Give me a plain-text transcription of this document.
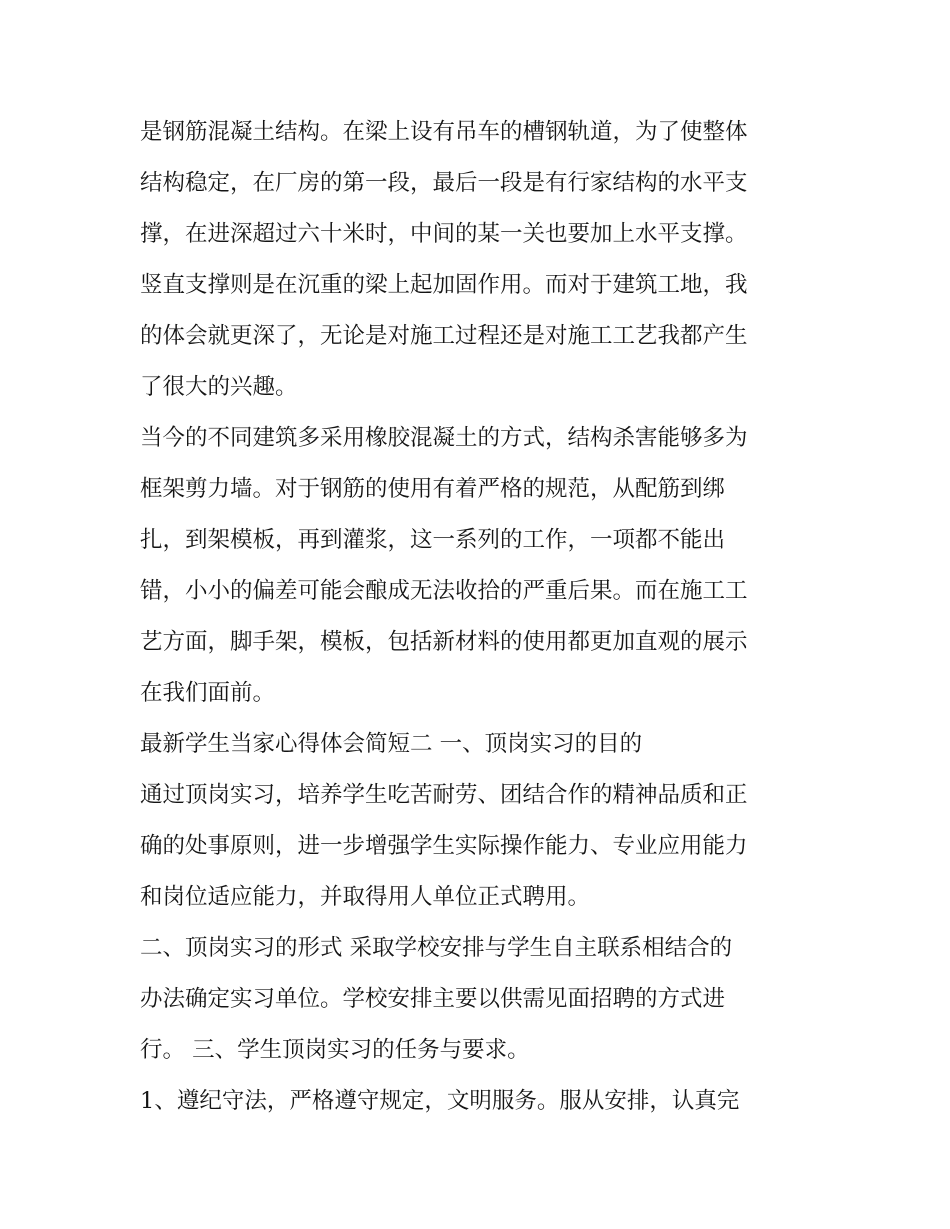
是钢筋混凝土结构。在梁上设有吊车的槽钢轨道，为了使整体
结构稳定，在厂房的第一段，最后一段是有行家结构的水平支
撑，在进深超过六十米时，中间的某一关也要加上水平支撑。
竖直支撑则是在沉重的梁上起加固作用。而对于建筑工地，我
的体会就更深了，无论是对施工过程还是对施工工艺我都产生
了很大的兴趣。
当今的不同建筑多采用橡胶混凝土的方式，结构杀害能够多为
框架剪力墙。对于钢筋的使用有着严格的规范，从配筋到绑
扎，到架模板，再到灌浆，这一系列的工作，一项都不能出
错，小小的偏差可能会酿成无法收拾的严重后果。而在施工工
艺方面，脚手架，模板，包括新材料的使用都更加直观的展示
在我们面前。
最新学生当家心得体会简短二 一、顶岗实习的目的
通过顶岗实习，培养学生吃苦耐劳、团结合作的精神品质和正
确的处事原则，进一步增强学生实际操作能力、专业应用能力
和岗位适应能力，并取得用人单位正式聘用。
二、顶岗实习的形式 采取学校安排与学生自主联系相结合的
办法确定实习单位。学校安排主要以供需见面招聘的方式进
行。 三、学生顶岗实习的任务与要求。
1、遵纪守法，严格遵守规定，文明服务。服从安排，认真完
